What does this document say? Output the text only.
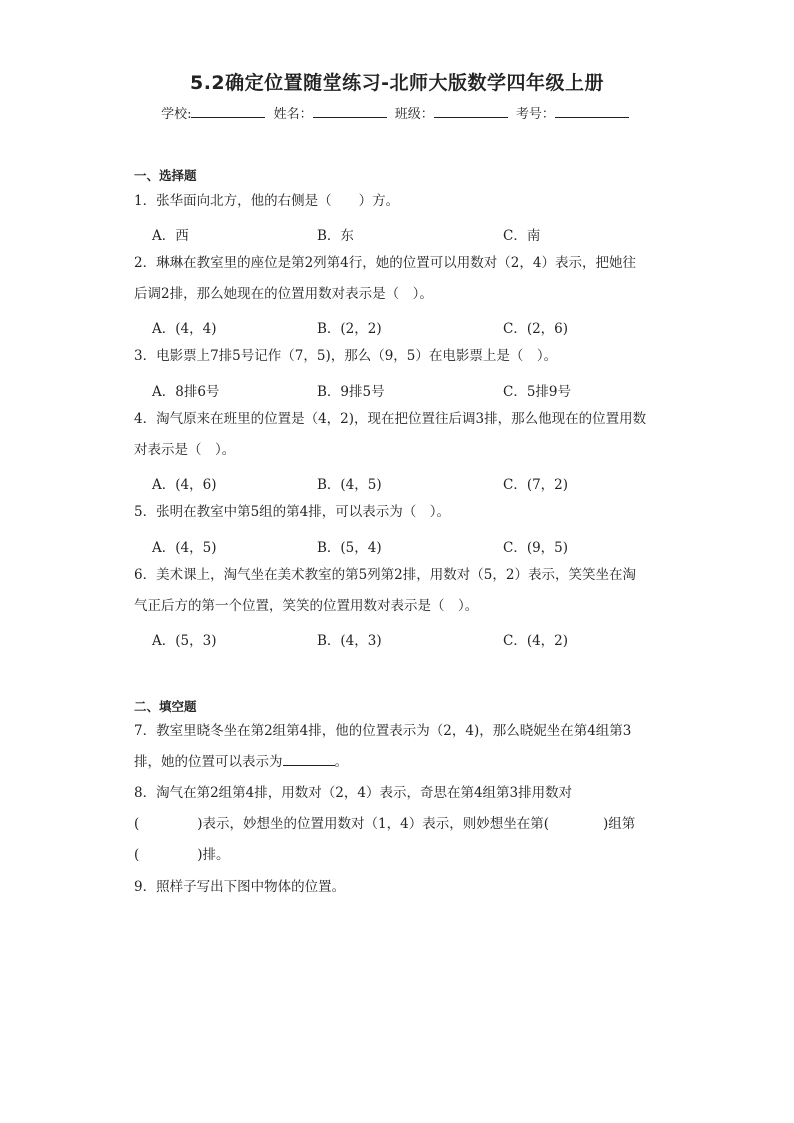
5.2确定位置随堂练习-北师大版数学四年级上册
学校:	姓名：	班级：	考号：
一、选择题
1．张华面向北方，他的右侧是（　　）方。
A．西	B．东	C．南
2．琳琳在教室里的座位是第2列第4行，她的位置可以用数对（2，4）表示，把她往
后调2排，那么她现在的位置用数对表示是（　）。
A．(4，4)	B．(2，2)	C．(2，6)
3．电影票上7排5号记作（7，5)，那么（9，5）在电影票上是（　）。
A．8排6号	B．9排5号	C．5排9号
4．淘气原来在班里的位置是（4，2)，现在把位置往后调3排，那么他现在的位置用数
对表示是（　）。
A．(4，6)	B．(4，5)	C．(7，2)
5．张明在教室中第5组的第4排，可以表示为（　）。
A．(4，5)	B．(5，4)	C．(9，5)
6．美术课上，淘气坐在美术教室的第5列第2排，用数对（5，2）表示，笑笑坐在淘
气正后方的第一个位置，笑笑的位置用数对表示是（　）。
A．(5，3)	B．(4，3)	C．(4，2)
二、填空题
7．教室里晓冬坐在第2组第4排，他的位置表示为（2，4)，那么晓妮坐在第4组第3
排，她的位置可以表示为	。
8．淘气在第2组第4排，用数对（2，4）表示，奇思在第4组第3排用数对
(	)表示，妙想坐的位置用数对（1，4）表示，则妙想坐在第(	)组第
(	)排。
9．照样子写出下图中物体的位置。
